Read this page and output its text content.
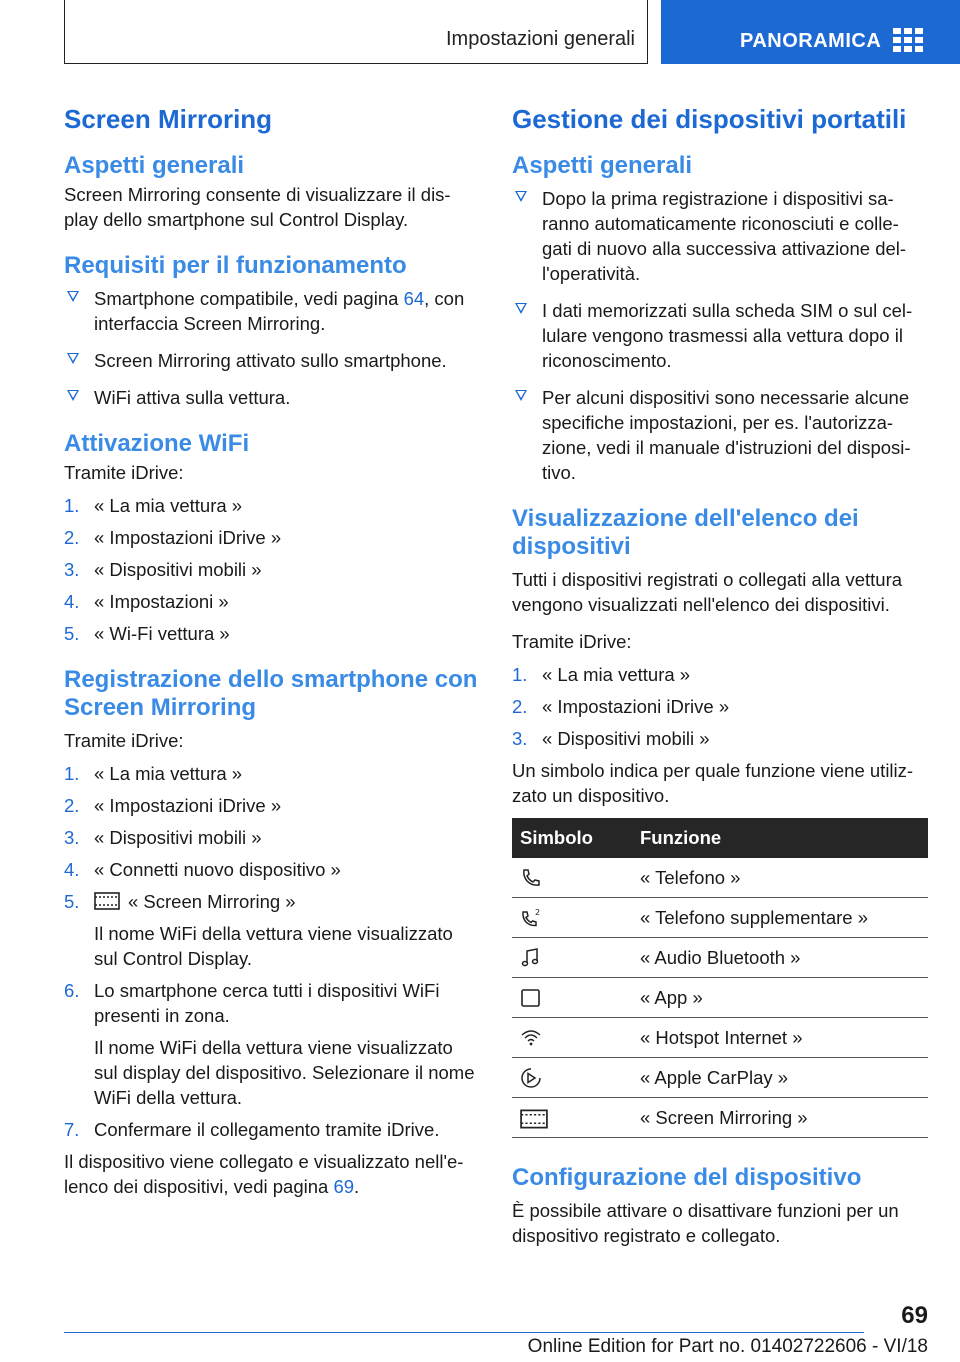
Impostazioni generali	PANORAMICA
Screen Mirroring
Aspetti generali

Screen Mirroring consente di visualizzare il dis-play dello smartphone sul Control Display.

Requisiti per il funzionamento
Smartphone compatibile, vedi pagina 64, con interfaccia Screen Mirroring.
Screen Mirroring attivato sullo smartphone.
WiFi attiva sulla vettura.
Attivazione WiFi

Tramite iDrive:

1. « La mia vettura »
2. « Impostazioni iDrive »
3. « Dispositivi mobili »
4. « Impostazioni »
5. « Wi-Fi vettura »
Registrazione dello smartphone con Screen Mirroring

Tramite iDrive:

1. « La mia vettura »
2. « Impostazioni iDrive »
3. « Dispositivi mobili »
4. « Connetti nuovo dispositivo »
5.	« Screen Mirroring »
Il nome WiFi della vettura viene visualizzato sul Control Display.
6. Lo smartphone cerca tutti i dispositivi WiFi presenti in zona.
Il nome WiFi della vettura viene visualizzato sul display del dispositivo. Selezionare il nome WiFi della vettura.
7. Confermare il collegamento tramite iDrive.

Il dispositivo viene collegato e visualizzato nell'e-lenco dei dispositivi, vedi pagina 69.

Gestione dei dispositivi portatili
Aspetti generali
Dopo la prima registrazione i dispositivi sa-ranno automaticamente riconosciuti e colle-gati di nuovo alla successiva attivazione del-l'operatività.
I dati memorizzati sulla scheda SIM o sul cel-lulare vengono trasmessi alla vettura dopo il riconoscimento.
Per alcuni dispositivi sono necessarie alcune specifiche impostazioni, per es. l'autorizza-zione, vedi il manuale d'istruzioni del disposi-tivo.
Visualizzazione dell'elenco dei dispositivi

Tutti i dispositivi registrati o collegati alla vettura vengono visualizzati nell'elenco dei dispositivi.

Tramite iDrive:

1. « La mia vettura »
2. « Impostazioni iDrive »
3. « Dispositivi mobili »

Un simbolo indica per quale funzione viene utiliz-zato un dispositivo.

Simbolo	Funzione
	« Telefono »

2	« Telefono supplementare »
	« Audio Bluetooth »
	« App »
	« Hotspot Internet »
	« Apple CarPlay »
	« Screen Mirroring »
Configurazione del dispositivo

È possibile attivare o disattivare funzioni per un dispositivo registrato e collegato.

69
Online Edition for Part no. 01402722606 - VI/18
